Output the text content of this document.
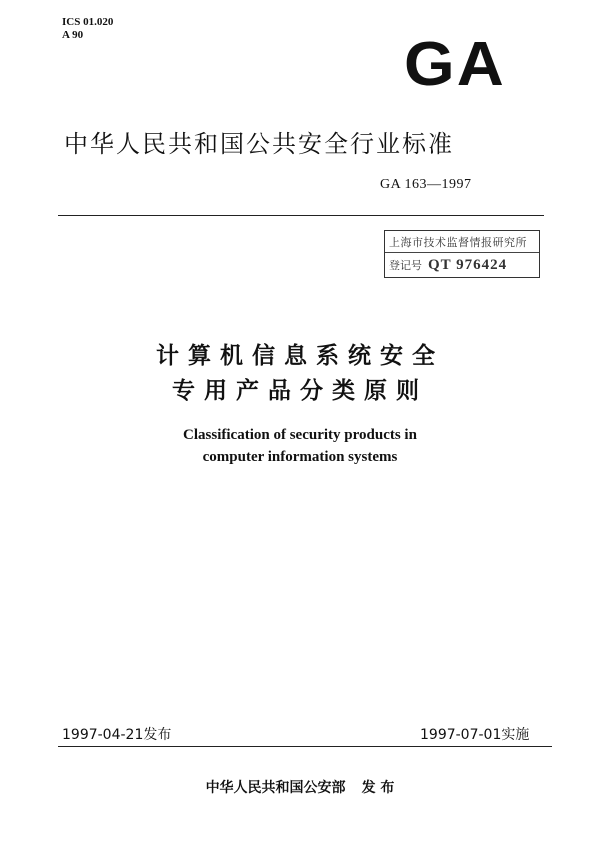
ICS 01.020
A 90	GA
中华人民共和国公共安全行业标准
GA 163—1997
上海市技术监督情报研究所
登记号 QT 976424
计算机信息系统安全
专用产品分类原则
Classification of security products in
computer information systems
1997-04-21发布	1997-07-01实施
中华人民共和国公安部 发 布
